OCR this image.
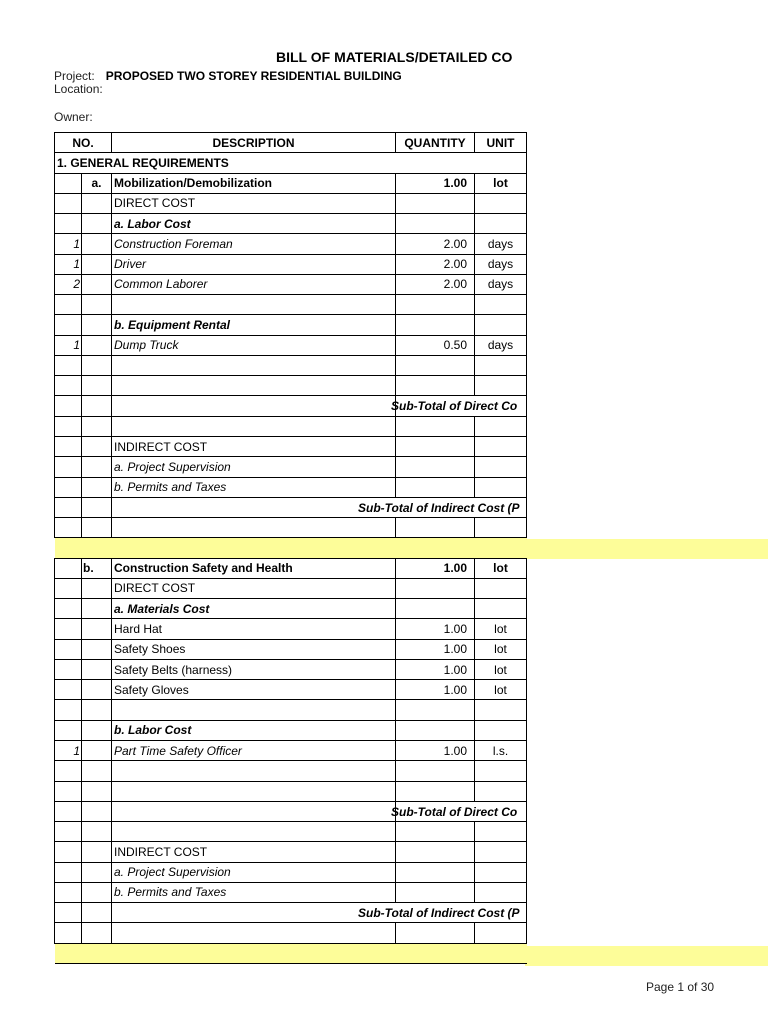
BILL OF MATERIALS/DETAILED CO
Project: PROPOSED TWO STOREY RESIDENTIAL BUILDING
Location:
Owner:
NO.		DESCRIPTION	QUANTITY	UNIT
1. GENERAL REQUIREMENTS				
	a.	Mobilization/Demobilization	1.00	lot
		DIRECT COST		
		a. Labor Cost		
1		Construction Foreman	2.00	days
1		Driver	2.00	days
2		Common Laborer	2.00	days

		b. Equipment Rental		
1		Dump Truck	0.50	days

			Sub-Total of Direct Co	

		INDIRECT COST		
		a. Project Supervision		
		b. Permits and Taxes		

		Sub-Total of Indirect Cost (P		

	b.	Construction Safety and Health	1.00	lot
		DIRECT COST		
		a. Materials Cost		
		Hard Hat	1.00	lot
		Safety Shoes	1.00	lot
		Safety Belts (harness)	1.00	lot
		Safety Gloves	1.00	lot

		b. Labor Cost		
1		Part Time Safety Officer	1.00	l.s.

			Sub-Total of Direct Co	

		INDIRECT COST		
		a. Project Supervision		
		b. Permits and Taxes		

		Sub-Total of Indirect Cost (P		

Page 1 of 30
